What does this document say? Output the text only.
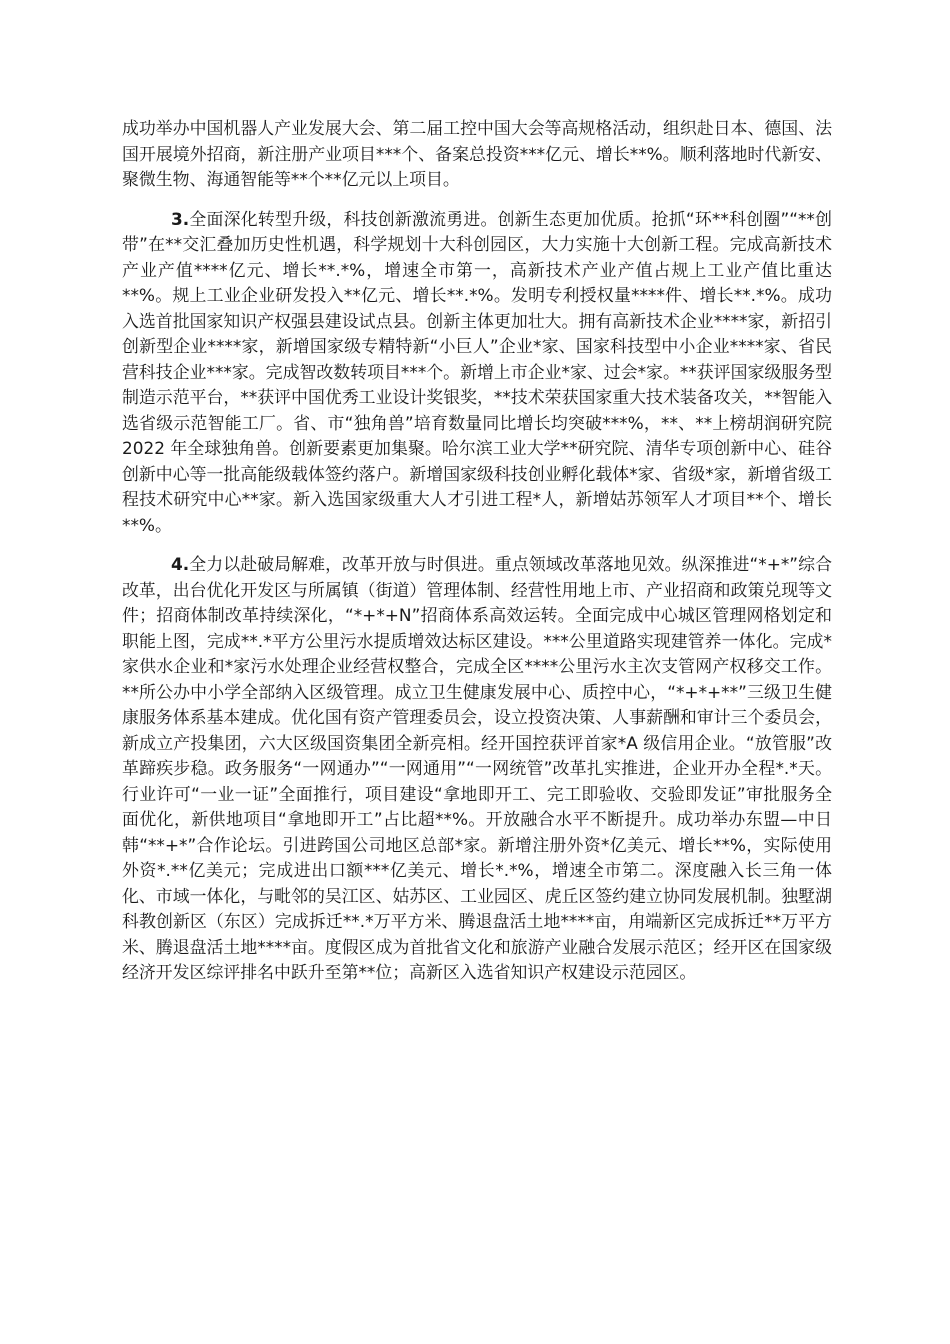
成功举办中国机器人产业发展大会、第二届工控中国大会等高规格活动，组织赴日本、德国、法国开展境外招商，新注册产业项目***个、备案总投资***亿元、增长**%。顺利落地时代新安、聚微生物、海通智能等**个**亿元以上项目。
3.全面深化转型升级，科技创新激流勇进。创新生态更加优质。抢抓“环**科创圈”“**创带”在**交汇叠加历史性机遇，科学规划十大科创园区，大力实施十大创新工程。完成高新技术产业产值****亿元、增长**.*%，增速全市第一，高新技术产业产值占规上工业产值比重达**%。规上工业企业研发投入**亿元、增长**.*%。发明专利授权量****件、增长**.*%。成功入选首批国家知识产权强县建设试点县。创新主体更加壮大。拥有高新技术企业****家，新招引创新型企业****家，新增国家级专精特新“小巨人”企业*家、国家科技型中小企业****家、省民营科技企业***家。完成智改数转项目***个。新增上市企业*家、过会*家。**获评国家级服务型制造示范平台，**获评中国优秀工业设计奖银奖，**技术荣获国家重大技术装备攻关，**智能入选省级示范智能工厂。省、市“独角兽”培育数量同比增长均突破***%，**、**上榜胡润研究院 2022 年全球独角兽。创新要素更加集聚。哈尔滨工业大学**研究院、清华专项创新中心、硅谷创新中心等一批高能级载体签约落户。新增国家级科技创业孵化载体*家、省级*家，新增省级工程技术研究中心**家。新入选国家级重大人才引进工程*人，新增姑苏领军人才项目**个、增长**%。
4.全力以赴破局解难，改革开放与时俱进。重点领域改革落地见效。纵深推进“*+*”综合改革，出台优化开发区与所属镇（街道）管理体制、经营性用地上市、产业招商和政策兑现等文件；招商体制改革持续深化，“*+*+N”招商体系高效运转。全面完成中心城区管理网格划定和职能上图，完成**.*平方公里污水提质增效达标区建设。***公里道路实现建管养一体化。完成*家供水企业和*家污水处理企业经营权整合，完成全区****公里污水主次支管网产权移交工作。**所公办中小学全部纳入区级管理。成立卫生健康发展中心、质控中心，“*+*+**”三级卫生健康服务体系基本建成。优化国有资产管理委员会，设立投资决策、人事薪酬和审计三个委员会，新成立产投集团，六大区级国资集团全新亮相。经开国控获评首家*A 级信用企业。“放管服”改革蹄疾步稳。政务服务“一网通办”“一网通用”“一网统管”改革扎实推进，企业开办全程*.*天。行业许可“一业一证”全面推行，项目建设“拿地即开工、完工即验收、交验即发证”审批服务全面优化，新供地项目“拿地即开工”占比超**%。开放融合水平不断提升。成功举办东盟—中日韩“**+*”合作论坛。引进跨国公司地区总部*家。新增注册外资*亿美元、增长**%，实际使用外资*.**亿美元；完成进出口额***亿美元、增长*.*%，增速全市第二。深度融入长三角一体化、市域一体化，与毗邻的吴江区、姑苏区、工业园区、虎丘区签约建立协同发展机制。独墅湖科教创新区（东区）完成拆迁**.*万平方米、腾退盘活土地****亩，甪端新区完成拆迁**万平方米、腾退盘活土地****亩。度假区成为首批省文化和旅游产业融合发展示范区；经开区在国家级经济开发区综评排名中跃升至第**位；高新区入选省知识产权建设示范园区。
